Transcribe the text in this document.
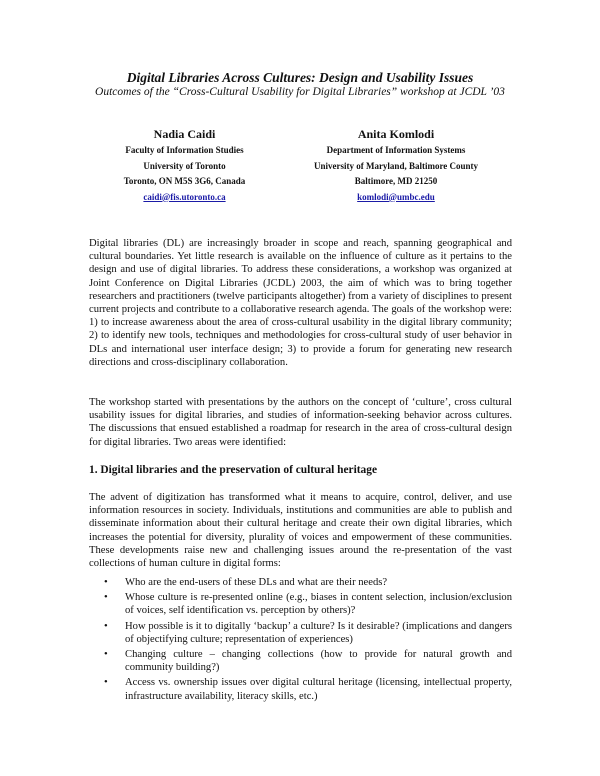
Digital Libraries Across Cultures: Design and Usability Issues
Outcomes of the “Cross-Cultural Usability for Digital Libraries” workshop at JCDL ’03
Nadia Caidi
Faculty of Information Studies
University of Toronto
Toronto, ON M5S 3G6, Canada
caidi@fis.utoronto.ca
Anita Komlodi
Department of Information Systems
University of Maryland, Baltimore County
Baltimore, MD 21250
komlodi@umbc.edu

Digital libraries (DL) are increasingly broader in scope and reach, spanning geographical and cultural boundaries. Yet little research is available on the influence of culture as it pertains to the design and use of digital libraries. To address these considerations, a workshop was organized at Joint Conference on Digital Libraries (JCDL) 2003, the aim of which was to bring together researchers and practitioners (twelve participants altogether) from a variety of disciplines to present current projects and contribute to a collaborative research agenda. The goals of the workshop were: 1) to increase awareness about the area of cross-cultural usability in the digital library community; 2) to identify new tools, techniques and methodologies for cross-cultural study of user behavior in DLs and international user interface design; 3) to provide a forum for generating new research directions and cross-disciplinary collaboration.

The workshop started with presentations by the authors on the concept of ‘culture’, cross cultural usability issues for digital libraries, and studies of information-seeking behavior across cultures. The discussions that ensued established a roadmap for research in the area of cross-cultural design for digital libraries. Two areas were identified:

1. Digital libraries and the preservation of cultural heritage

The advent of digitization has transformed what it means to acquire, control, deliver, and use information resources in society. Individuals, institutions and communities are able to publish and disseminate information about their cultural heritage and create their own digital libraries, which increases the potential for diversity, plurality of voices and empowerment of these communities. These developments raise new and challenging issues around the re-presentation of the vast collections of human culture in digital forms:

• Who are the end-users of these DLs and what are their needs?
• Whose culture is re-presented online (e.g., biases in content selection, inclusion/exclusion of voices, self identification vs. perception by others)?
• How possible is it to digitally ‘backup’ a culture? Is it desirable? (implications and dangers of objectifying culture; representation of experiences)
• Changing culture – changing collections (how to provide for natural growth and community building?)
• Access vs. ownership issues over digital cultural heritage (licensing, intellectual property, infrastructure availability, literacy skills, etc.)
